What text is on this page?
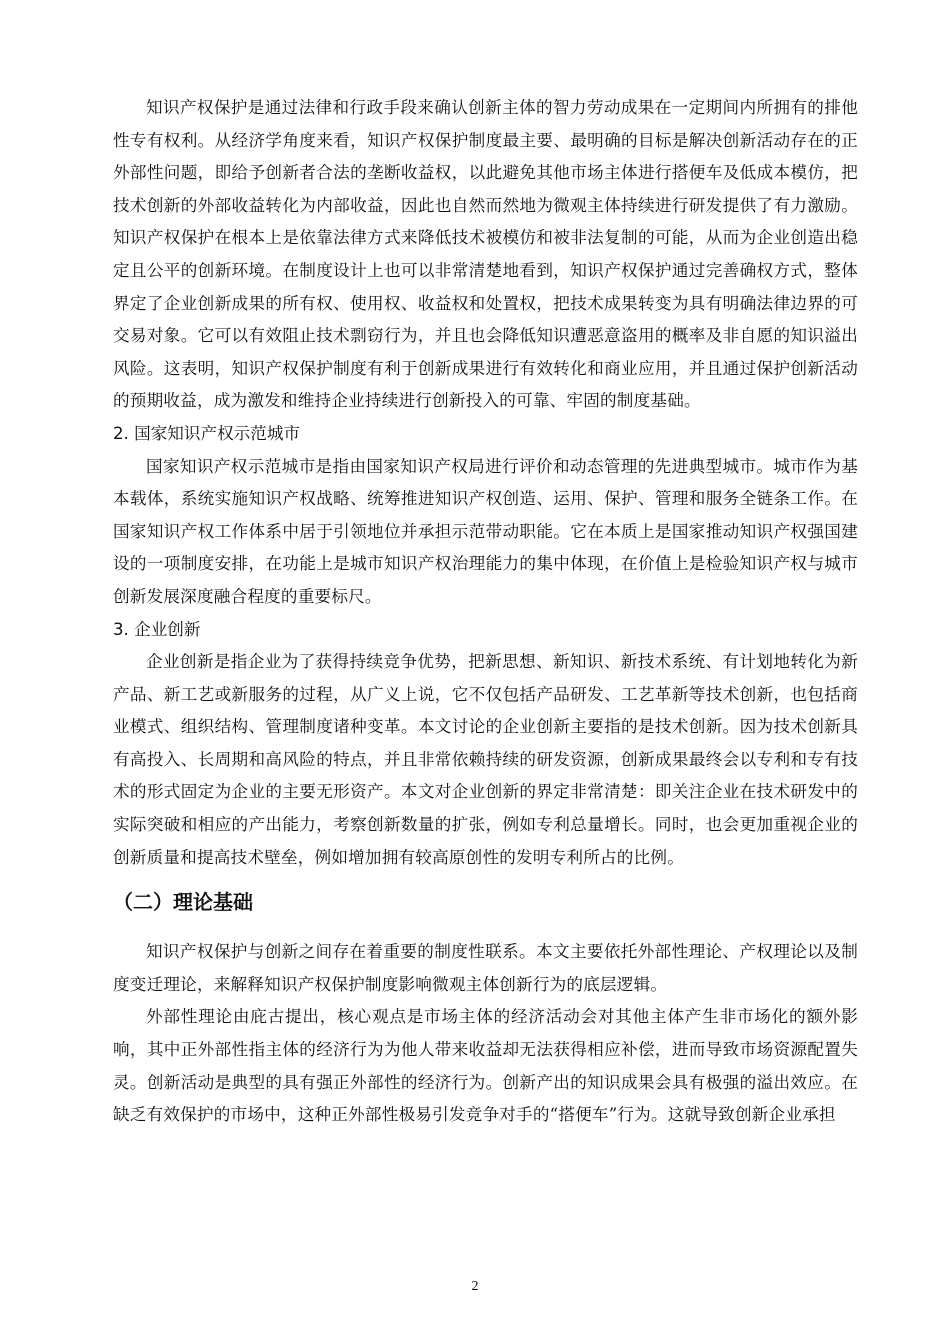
知识产权保护是通过法律和行政手段来确认创新主体的智力劳动成果在一定期间内所拥有的排他性专有权利。从经济学角度来看，知识产权保护制度最主要、最明确的目标是解决创新活动存在的正外部性问题，即给予创新者合法的垄断收益权，以此避免其他市场主体进行搭便车及低成本模仿，把技术创新的外部收益转化为内部收益，因此也自然而然地为微观主体持续进行研发提供了有力激励。知识产权保护在根本上是依靠法律方式来降低技术被模仿和被非法复制的可能，从而为企业创造出稳定且公平的创新环境。在制度设计上也可以非常清楚地看到，知识产权保护通过完善确权方式，整体界定了企业创新成果的所有权、使用权、收益权和处置权，把技术成果转变为具有明确法律边界的可交易对象。它可以有效阻止技术剽窃行为，并且也会降低知识遭恶意盗用的概率及非自愿的知识溢出风险。这表明，知识产权保护制度有利于创新成果进行有效转化和商业应用，并且通过保护创新活动的预期收益，成为激发和维持企业持续进行创新投入的可靠、牢固的制度基础。

2. 国家知识产权示范城市

国家知识产权示范城市是指由国家知识产权局进行评价和动态管理的先进典型城市。城市作为基本载体，系统实施知识产权战略、统筹推进知识产权创造、运用、保护、管理和服务全链条工作。在国家知识产权工作体系中居于引领地位并承担示范带动职能。它在本质上是国家推动知识产权强国建设的一项制度安排，在功能上是城市知识产权治理能力的集中体现，在价值上是检验知识产权与城市创新发展深度融合程度的重要标尺。

3. 企业创新

企业创新是指企业为了获得持续竞争优势，把新思想、新知识、新技术系统、有计划地转化为新产品、新工艺或新服务的过程，从广义上说，它不仅包括产品研发、工艺革新等技术创新，也包括商业模式、组织结构、管理制度诸种变革。本文讨论的企业创新主要指的是技术创新。因为技术创新具有高投入、长周期和高风险的特点，并且非常依赖持续的研发资源，创新成果最终会以专利和专有技术的形式固定为企业的主要无形资产。本文对企业创新的界定非常清楚：即关注企业在技术研发中的实际突破和相应的产出能力，考察创新数量的扩张，例如专利总量增长。同时，也会更加重视企业的创新质量和提高技术壁垒，例如增加拥有较高原创性的发明专利所占的比例。

（二）理论基础

知识产权保护与创新之间存在着重要的制度性联系。本文主要依托外部性理论、产权理论以及制度变迁理论，来解释知识产权保护制度影响微观主体创新行为的底层逻辑。

外部性理论由庇古提出，核心观点是市场主体的经济活动会对其他主体产生非市场化的额外影响，其中正外部性指主体的经济行为为他人带来收益却无法获得相应补偿，进而导致市场资源配置失灵。创新活动是典型的具有强正外部性的经济行为。创新产出的知识成果会具有极强的溢出效应。在缺乏有效保护的市场中，这种正外部性极易引发竞争对手的“搭便车”行为。这就导致创新企业承担

2
